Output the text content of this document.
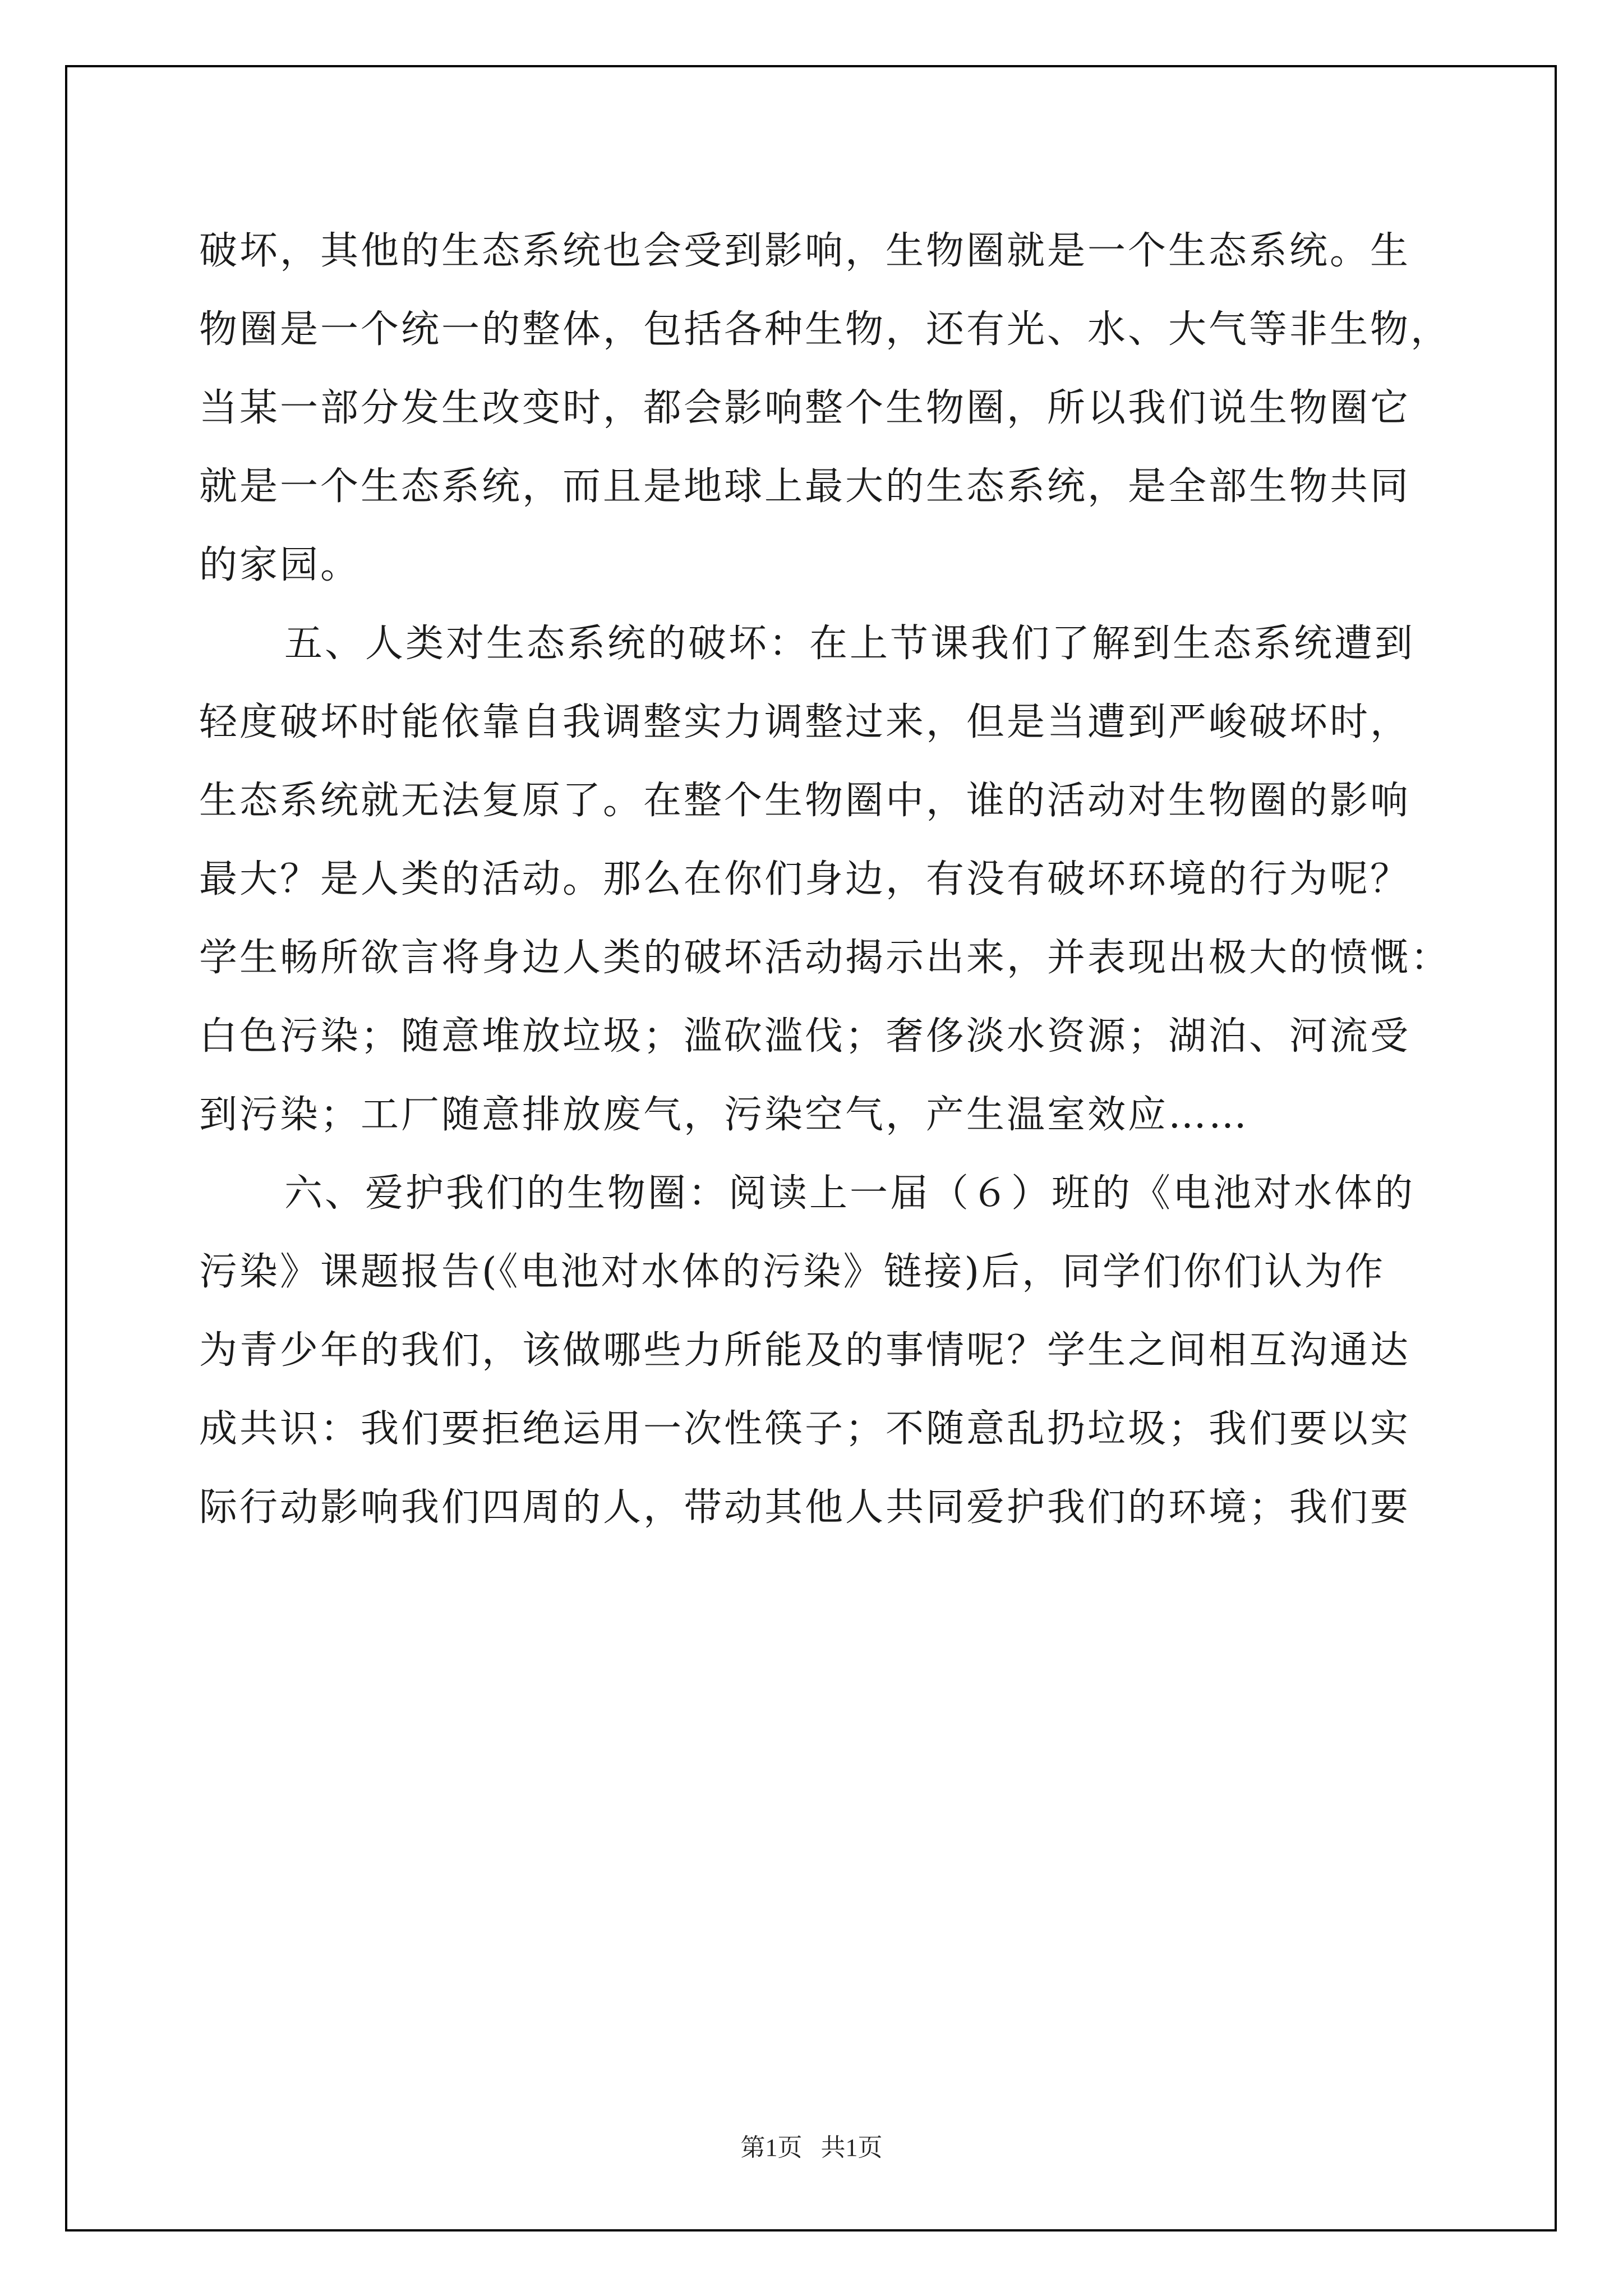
破坏，其他的生态系统也会受到影响，生物圈就是一个生态系统。生
物圈是一个统一的整体，包括各种生物，还有光、水、大气等非生物，
当某一部分发生改变时，都会影响整个生物圈，所以我们说生物圈它
就是一个生态系统，而且是地球上最大的生态系统，是全部生物共同
的家园。
五、人类对生态系统的破坏：在上节课我们了解到生态系统遭到
轻度破坏时能依靠自我调整实力调整过来，但是当遭到严峻破坏时，
生态系统就无法复原了。在整个生物圈中，谁的活动对生物圈的影响
最大？是人类的活动。那么在你们身边，有没有破坏环境的行为呢？
学生畅所欲言将身边人类的破坏活动揭示出来，并表现出极大的愤慨：
白色污染；随意堆放垃圾；滥砍滥伐；奢侈淡水资源；湖泊、河流受
到污染；工厂随意排放废气，污染空气，产生温室效应……
六、爱护我们的生物圈：阅读上一届（６）班的《电池对水体的
污染》课题报告(《电池对水体的污染》链接)后，同学们你们认为作
为青少年的我们，该做哪些力所能及的事情呢？学生之间相互沟通达
成共识：我们要拒绝运用一次性筷子；不随意乱扔垃圾；我们要以实
际行动影响我们四周的人，带动其他人共同爱护我们的环境；我们要
第1页 共1页
